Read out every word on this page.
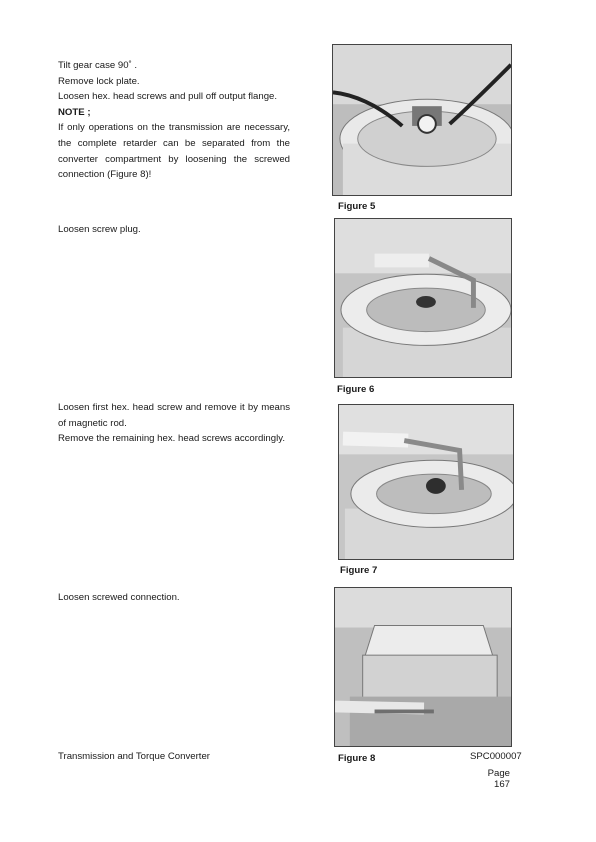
Tilt gear case 90˚ .

Remove lock plate.

Loosen hex. head screws and pull off output flange.

NOTE ;

If only operations on the transmission are necessary, the complete retarder can be separated from the converter compartment by loosening the screwed connection (Figure 8)!

Figure 5

Loosen screw plug.

Figure 6

Loosen first hex. head screw and remove it by means of magnetic rod.

Remove the remaining hex. head screws accordingly.

Figure 7

Loosen screwed connection.

Figure 8
Transmission and Torque Converter	SPC000007
Page 167
